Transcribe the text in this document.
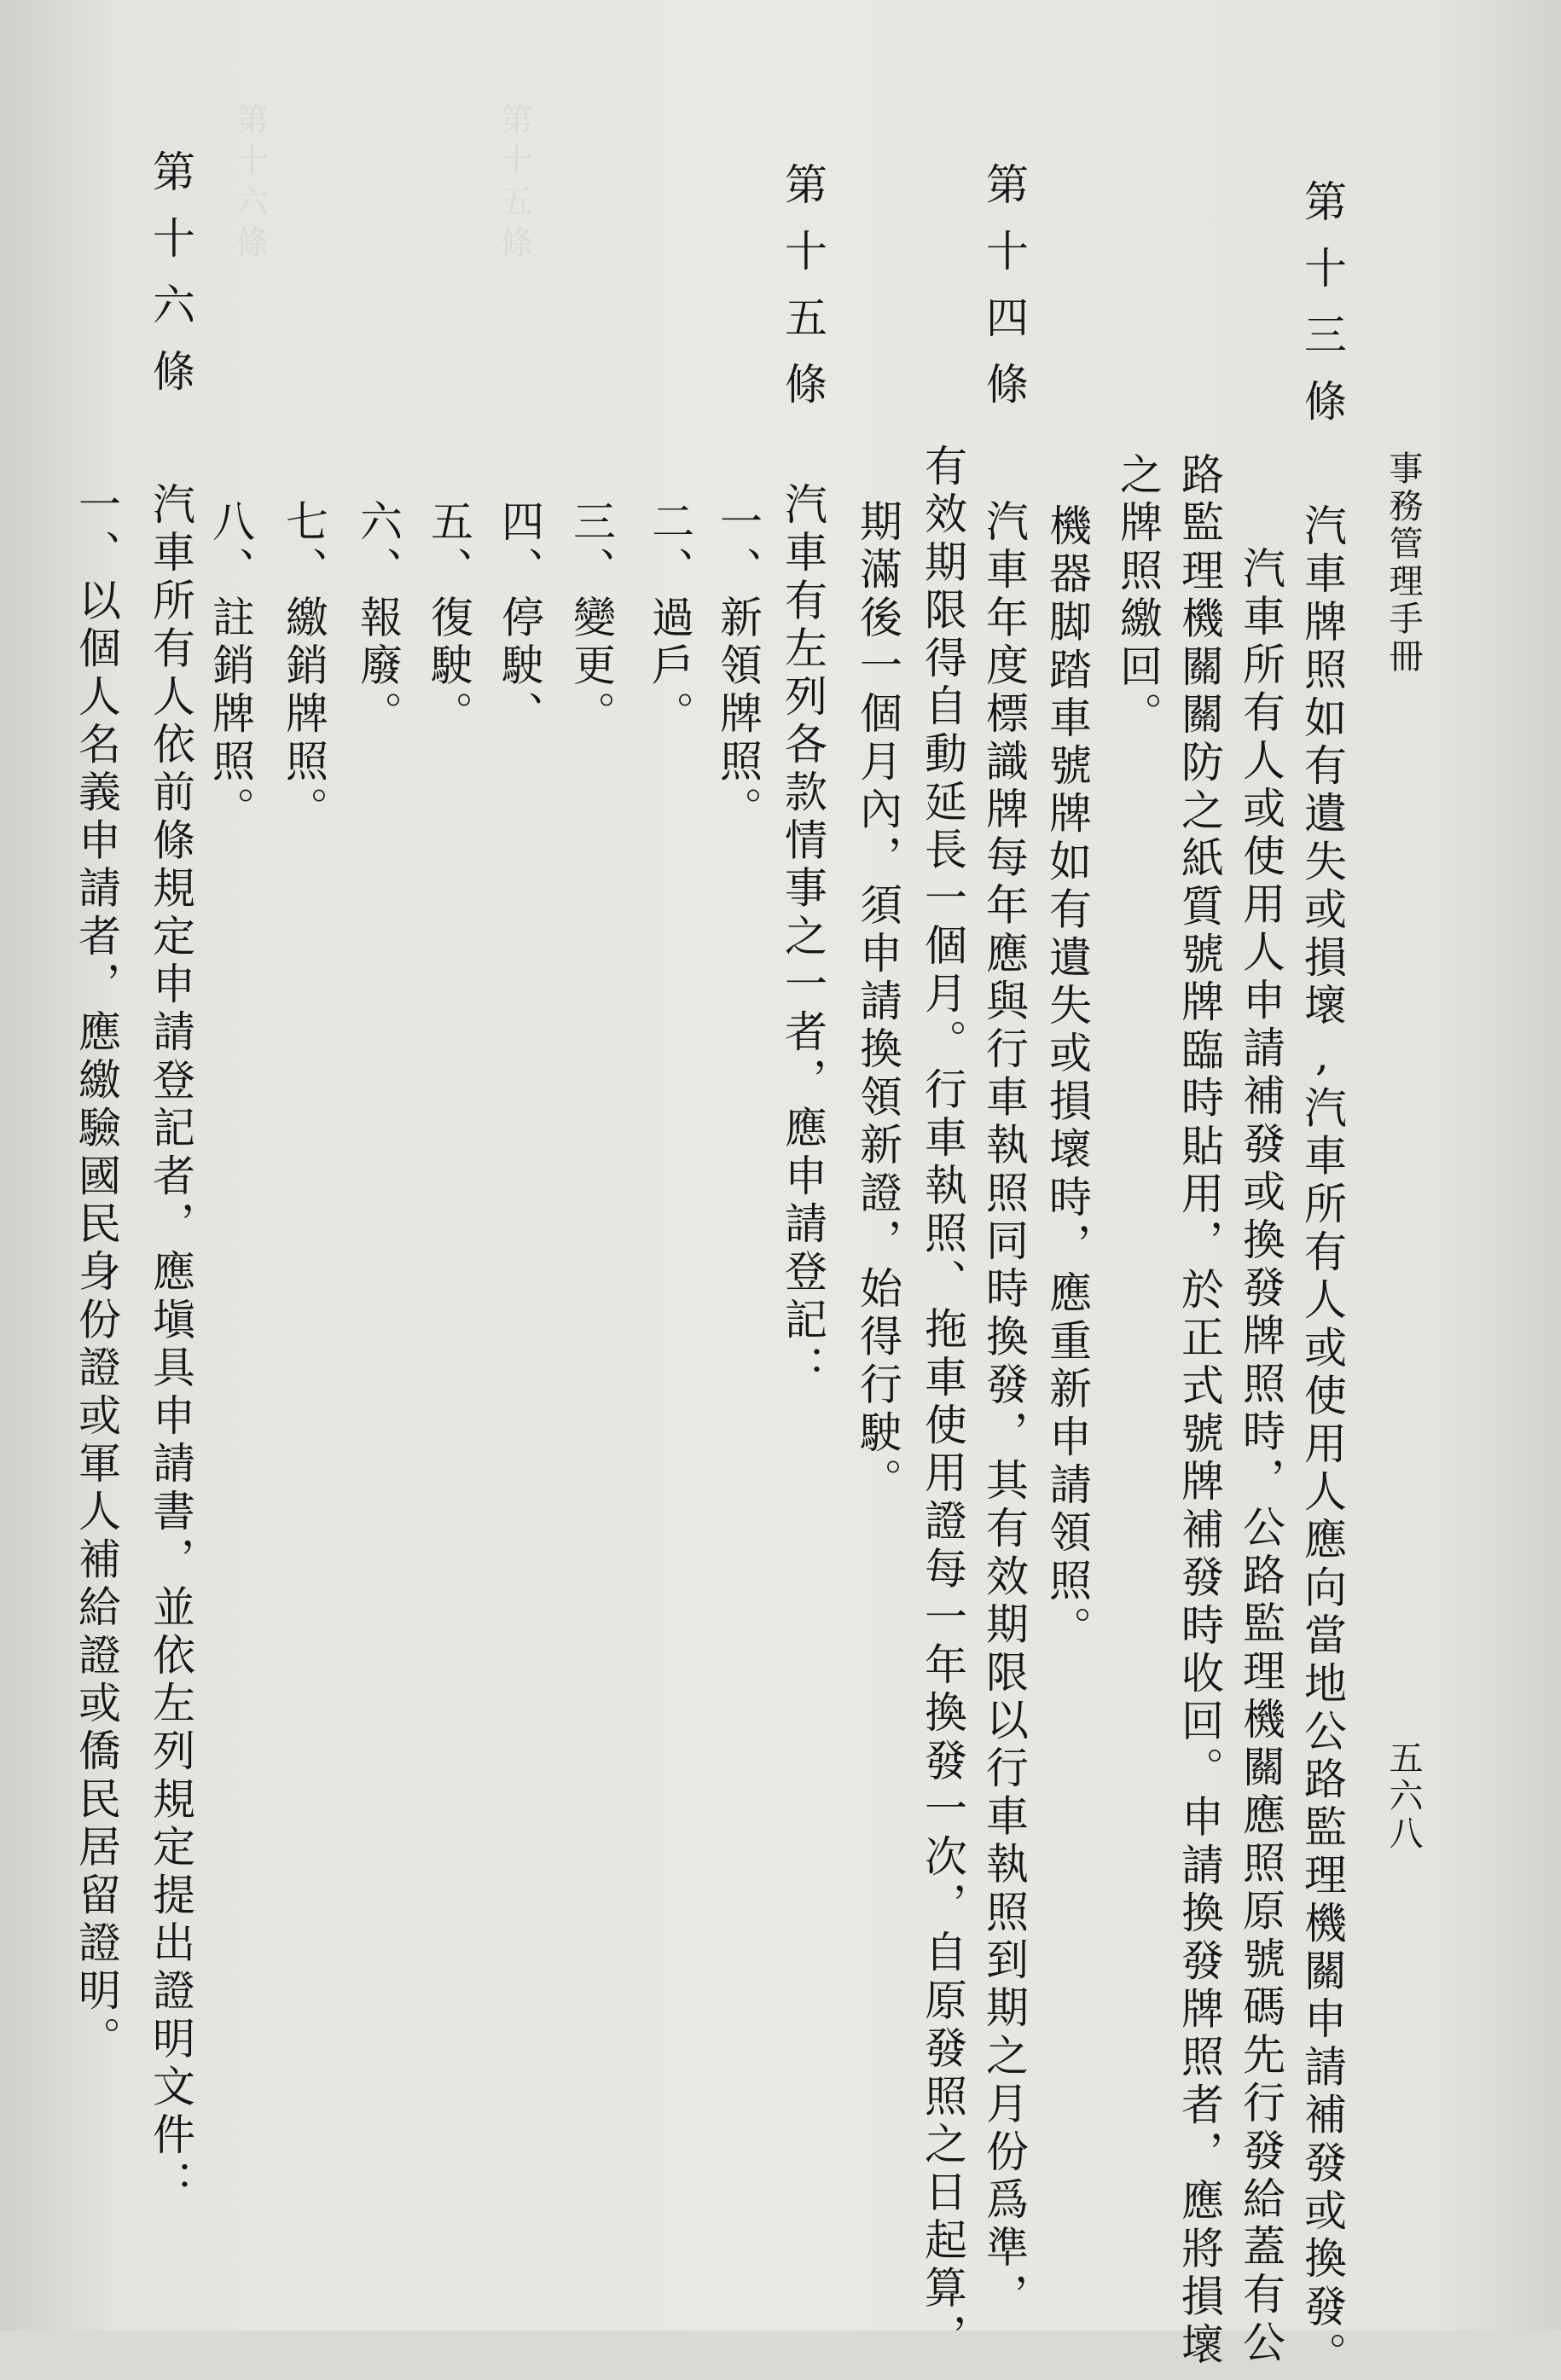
第十五條
第十六條
事務管理手冊
五六八
第十三條
汽車牌照如有遺失或損壞,汽車所有人或使用人應向當地公路監理機關申請補發或換發。
汽車所有人或使用人申請補發或換發牌照時，公路監理機關應照原號碼先行發給蓋有公
路監理機關關防之紙質號牌臨時貼用，於正式號牌補發時收回。申請換發牌照者，應將損壞
之牌照繳回。
機器脚踏車號牌如有遺失或損壞時，應重新申請領照。
第十四條
汽車年度標識牌每年應與行車執照同時換發，其有效期限以行車執照到期之月份爲準，
有效期限得自動延長一個月。行車執照、拖車使用證每一年換發一次，自原發照之日起算，
期滿後一個月內，須申請換領新證，始得行駛。
第十五條
汽車有左列各款情事之一者，應申請登記：
一、新領牌照。
二、過戶。
三、變更。
四、停駛、
五、復駛。
六、報廢。
七、繳銷牌照。
八、註銷牌照。
第十六條
汽車所有人依前條規定申請登記者，應塡具申請書，並依左列規定提出證明文件：
一、以個人名義申請者，應繳驗國民身份證或軍人補給證或僑民居留證明。
